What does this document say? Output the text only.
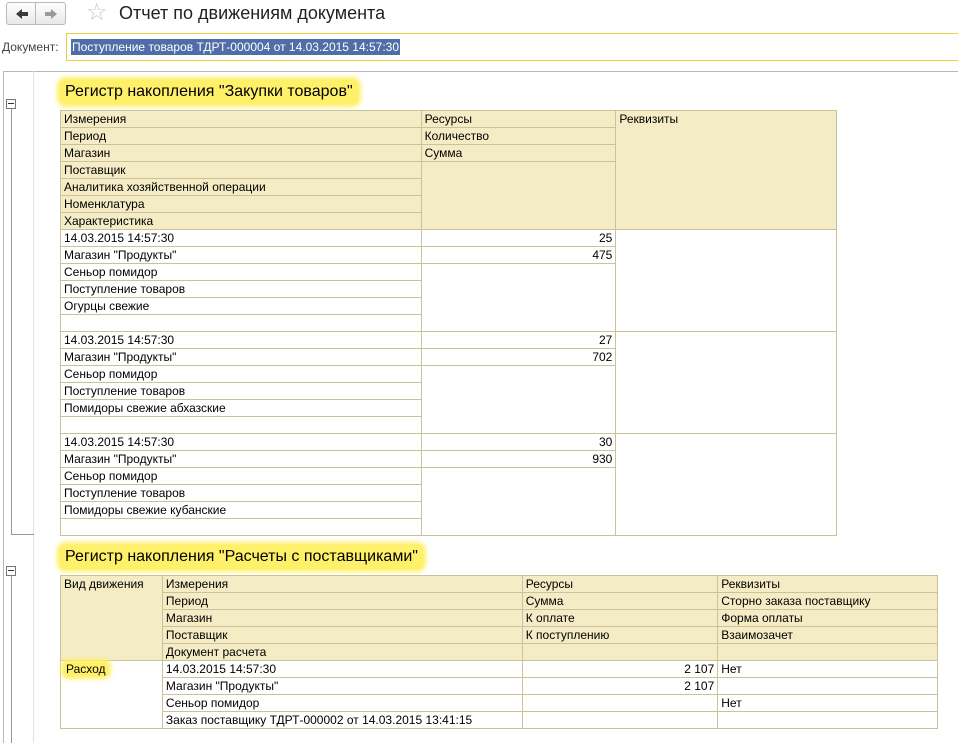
☆ Отчет по движениям документа
Документ: Поступление товаров ТДРТ-000004 от 14.03.2015 14:57:30
Регистр накопления "Закупки товаров"
Измерения	Ресурсы	Реквизиты
Период	Количество	
Магазин	Сумма	
Поставщик		
Аналитика хозяйственной операции		
Номенклатура		
Характеристика		
14.03.2015 14:57:30	25	
Магазин "Продукты"	475	
Сеньор помидор		
Поступление товаров		
Огурцы свежие		

14.03.2015 14:57:30	27	
Магазин "Продукты"	702	
Сеньор помидор		
Поступление товаров		
Помидоры свежие абхазские		

14.03.2015 14:57:30	30	
Магазин "Продукты"	930	
Сеньор помидор		
Поступление товаров		
Помидоры свежие кубанские		

Регистр накопления "Расчеты с поставщиками"
Вид движения	Измерения	Ресурсы	Реквизиты
	Период	Сумма	Сторно заказа поставщику
	Магазин	К оплате	Форма оплаты
	Поставщик	К поступлению	Взаимозачет
	Документ расчета		
Расход	14.03.2015 14:57:30	2 107	Нет
	Магазин "Продукты"	2 107	
	Сеньор помидор		Нет
	Заказ поставщику ТДРТ-000002 от 14.03.2015 13:41:15		
